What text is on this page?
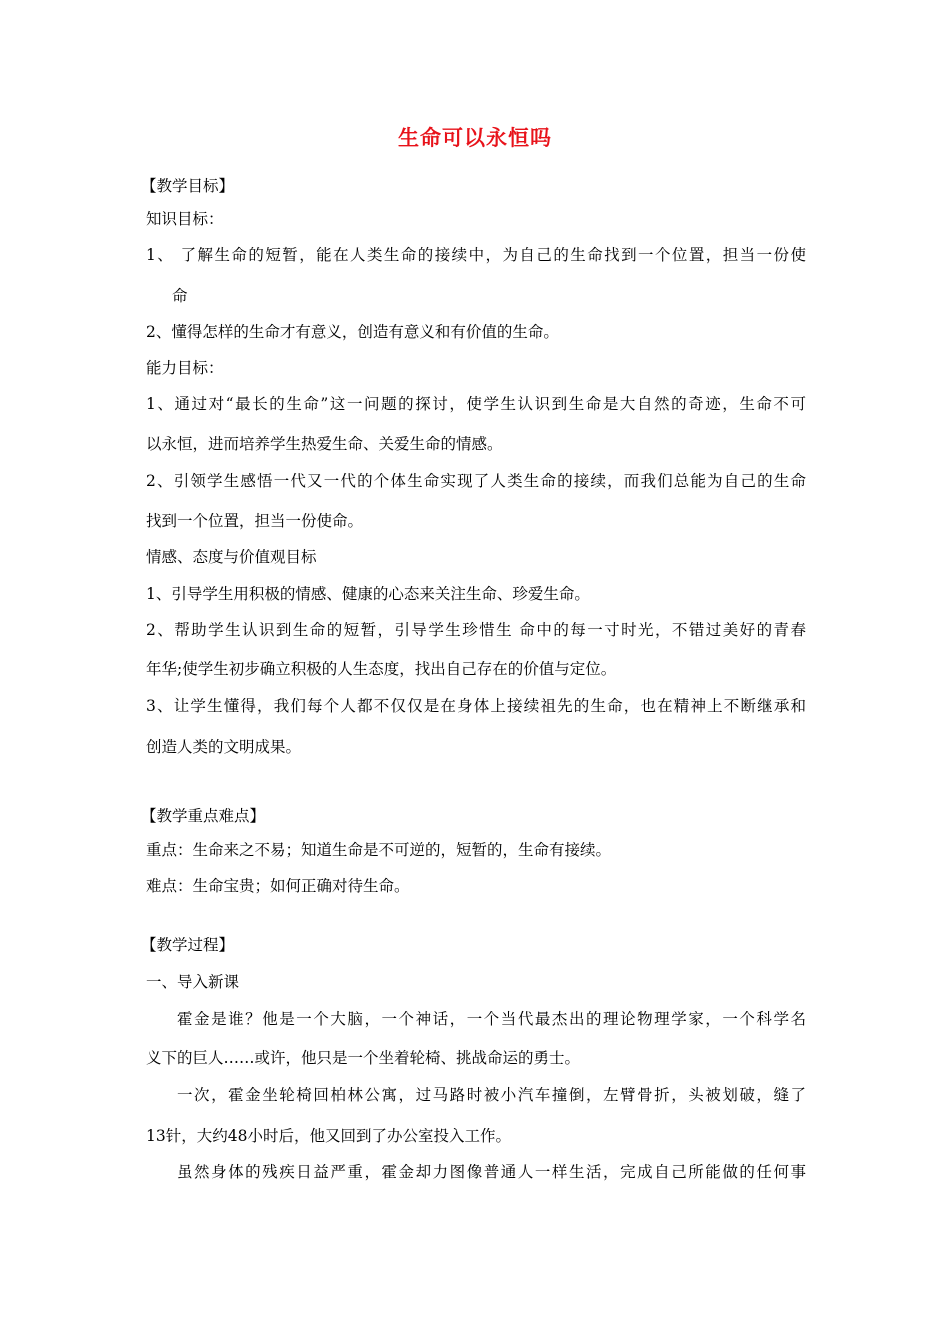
生命可以永恒吗
【教学目标】
知识目标：
1、 了解生命的短暂，能在人类生命的接续中，为自己的生命找到一个位置，担当一份使
命
2、懂得怎样的生命才有意义，创造有意义和有价值的生命。
能力目标：
1、通过对“最长的生命”这一问题的探讨，使学生认识到生命是大自然的奇迹，生命不可
以永恒，进而培养学生热爱生命、关爱生命的情感。
2、引领学生感悟一代又一代的个体生命实现了人类生命的接续，而我们总能为自己的生命
找到一个位置，担当一份使命。
情感、态度与价值观目标
1、引导学生用积极的情感、健康的心态来关注生命、珍爱生命。
2、帮助学生认识到生命的短暂，引导学生珍惜生 命中的每一寸时光，不错过美好的青春
年华;使学生初步确立积极的人生态度，找出自己存在的价值与定位。
3、让学生懂得，我们每个人都不仅仅是在身体上接续祖先的生命，也在精神上不断继承和
创造人类的文明成果。
【教学重点难点】
重点：生命来之不易；知道生命是不可逆的，短暂的，生命有接续。
难点：生命宝贵；如何正确对待生命。
【教学过程】
一、导入新课
霍金是谁？他是一个大脑，一个神话，一个当代最杰出的理论物理学家，一个科学名
义下的巨人……或许，他只是一个坐着轮椅、挑战命运的勇士。
一次，霍金坐轮椅回柏林公寓，过马路时被小汽车撞倒，左臂骨折，头被划破，缝了
13针，大约48小时后，他又回到了办公室投入工作。
虽然身体的残疾日益严重，霍金却力图像普通人一样生活，完成自己所能做的任何事
